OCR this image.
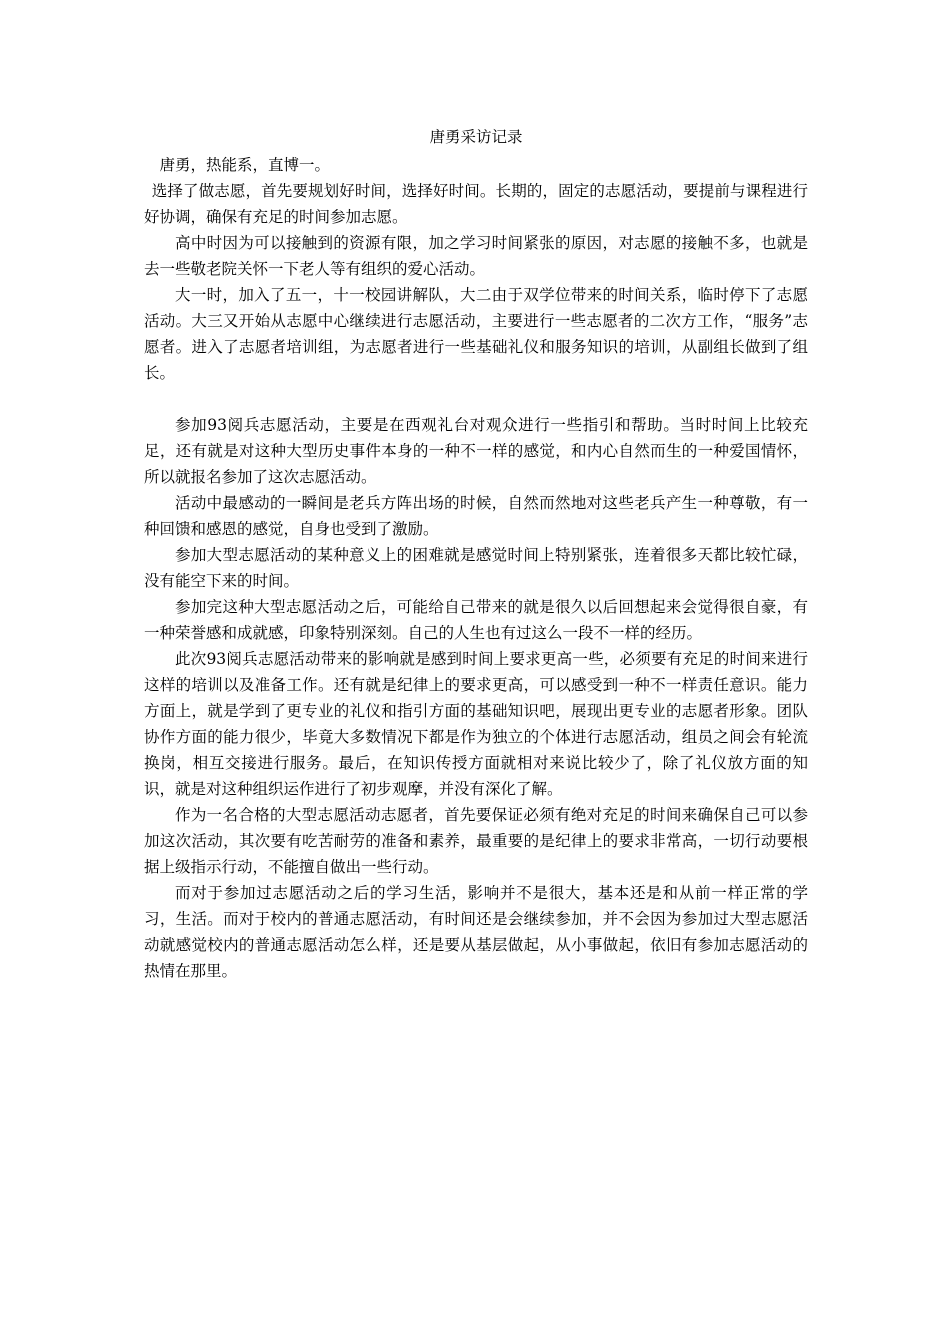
唐勇采访记录

唐勇，热能系，直博一。

选择了做志愿，首先要规划好时间，选择好时间。长期的，固定的志愿活动，要提前与课程进行好协调，确保有充足的时间参加志愿。

高中时因为可以接触到的资源有限，加之学习时间紧张的原因，对志愿的接触不多，也就是去一些敬老院关怀一下老人等有组织的爱心活动。

大一时，加入了五一，十一校园讲解队，大二由于双学位带来的时间关系，临时停下了志愿活动。大三又开始从志愿中心继续进行志愿活动，主要进行一些志愿者的二次方工作，“服务”志愿者。进入了志愿者培训组，为志愿者进行一些基础礼仪和服务知识的培训，从副组长做到了组长。

参加93阅兵志愿活动，主要是在西观礼台对观众进行一些指引和帮助。当时时间上比较充足，还有就是对这种大型历史事件本身的一种不一样的感觉，和内心自然而生的一种爱国情怀，所以就报名参加了这次志愿活动。

活动中最感动的一瞬间是老兵方阵出场的时候，自然而然地对这些老兵产生一种尊敬，有一种回馈和感恩的感觉，自身也受到了激励。

参加大型志愿活动的某种意义上的困难就是感觉时间上特别紧张，连着很多天都比较忙碌，没有能空下来的时间。

参加完这种大型志愿活动之后，可能给自己带来的就是很久以后回想起来会觉得很自豪，有一种荣誉感和成就感，印象特别深刻。自己的人生也有过这么一段不一样的经历。

此次93阅兵志愿活动带来的影响就是感到时间上要求更高一些，必须要有充足的时间来进行这样的培训以及准备工作。还有就是纪律上的要求更高，可以感受到一种不一样责任意识。能力方面上，就是学到了更专业的礼仪和指引方面的基础知识吧，展现出更专业的志愿者形象。团队协作方面的能力很少，毕竟大多数情况下都是作为独立的个体进行志愿活动，组员之间会有轮流换岗，相互交接进行服务。最后，在知识传授方面就相对来说比较少了，除了礼仪放方面的知识，就是对这种组织运作进行了初步观摩，并没有深化了解。

作为一名合格的大型志愿活动志愿者，首先要保证必须有绝对充足的时间来确保自己可以参加这次活动，其次要有吃苦耐劳的准备和素养，最重要的是纪律上的要求非常高，一切行动要根据上级指示行动，不能擅自做出一些行动。

而对于参加过志愿活动之后的学习生活，影响并不是很大，基本还是和从前一样正常的学习，生活。而对于校内的普通志愿活动，有时间还是会继续参加，并不会因为参加过大型志愿活动就感觉校内的普通志愿活动怎么样，还是要从基层做起，从小事做起，依旧有参加志愿活动的热情在那里。
